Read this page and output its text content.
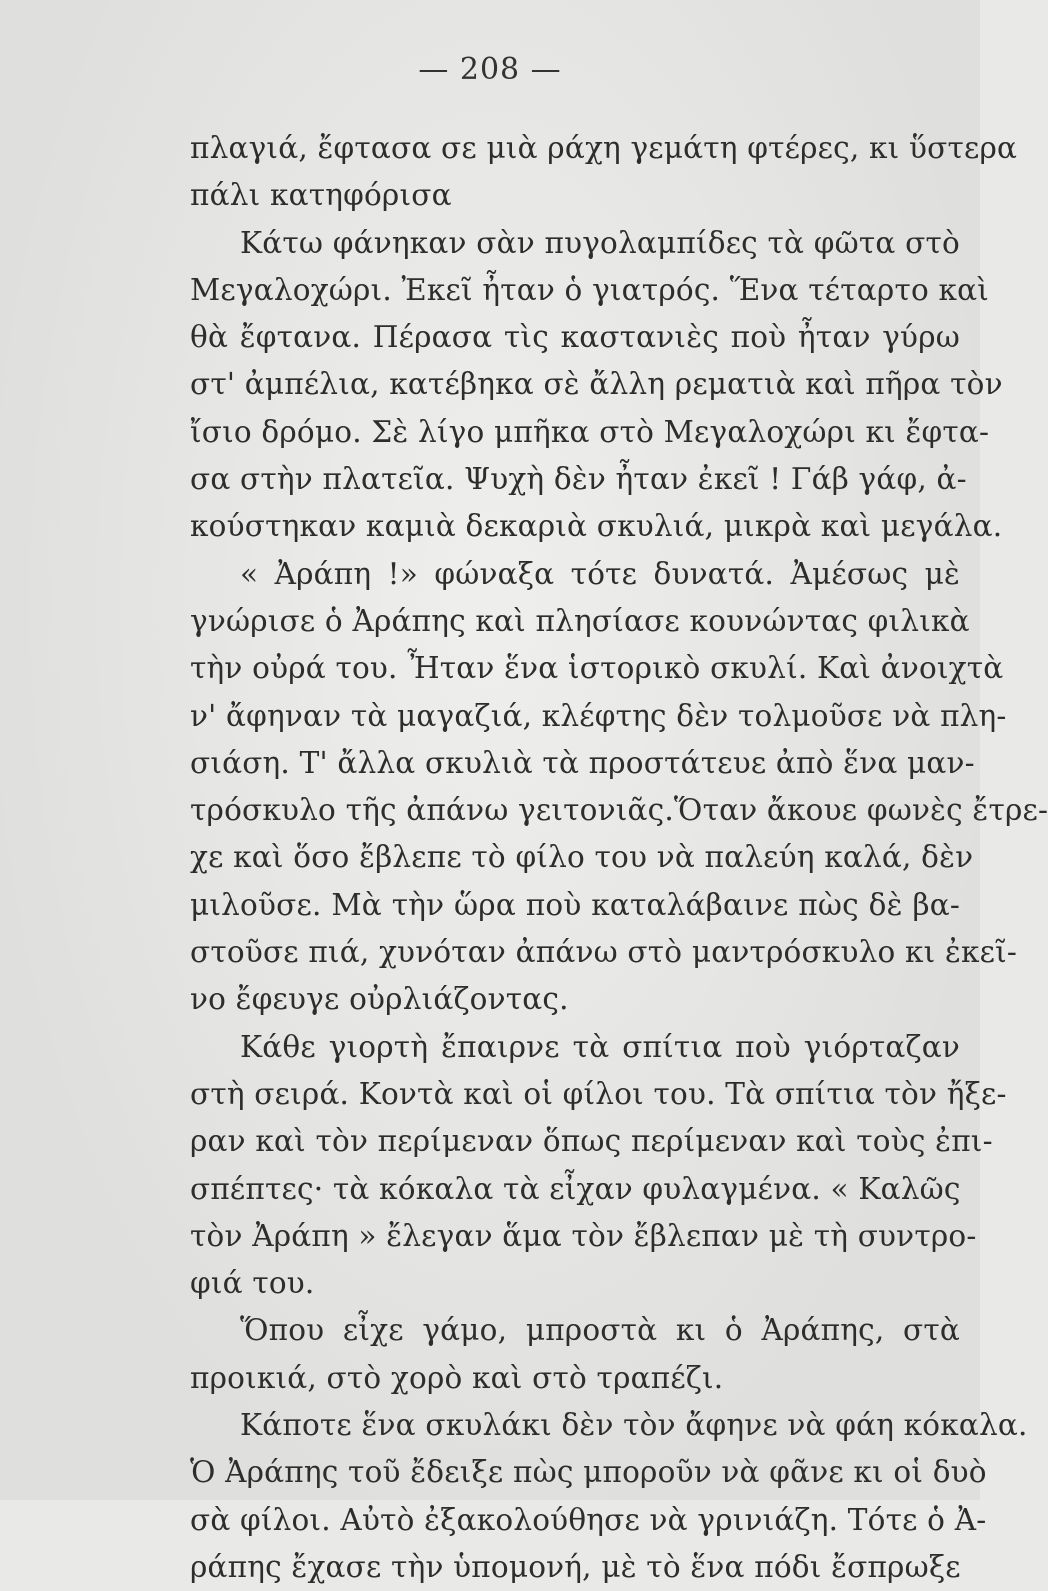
— 208 —
πλαγιά, ἔφτασα σε μιὰ ράχη γεμάτη φτέρες, κι ὕστερα
πάλι κατηφόρισα
Κάτω φάνηκαν σὰν πυγολαμπίδες τὰ φῶτα στὸ
Μεγαλοχώρι. Ἐκεῖ ἦταν ὁ γιατρός. Ἕνα τέταρτο καὶ
θὰ ἔφτανα. Πέρασα τὶς καστανιὲς ποὺ ἦταν γύρω
στ' ἀμπέλια, κατέβηκα σὲ ἄλλη ρεματιὰ καὶ πῆρα τὸν
ἴσιο δρόμο. Σὲ λίγο μπῆκα στὸ Μεγαλοχώρι κι ἔφτα-
σα στὴν πλατεῖα. Ψυχὴ δὲν ἦταν ἐκεῖ ! Γάβ γάφ, ἀ-
κούστηκαν καμιὰ δεκαριὰ σκυλιά, μικρὰ καὶ μεγάλα.
« Ἀράπη !» φώναξα τότε δυνατά. Ἀμέσως μὲ
γνώρισε ὁ Ἀράπης καὶ πλησίασε κουνώντας φιλικὰ
τὴν οὐρά του. Ἦταν ἕνα ἱστορικὸ σκυλί. Καὶ ἀνοιχτὰ
ν' ἄφηναν τὰ μαγαζιά, κλέφτης δὲν τολμοῦσε νὰ πλη-
σιάση. Τ' ἄλλα σκυλιὰ τὰ προστάτευε ἀπὸ ἕνα μαν-
τρόσκυλο τῆς ἀπάνω γειτονιᾶς.Ὅταν ἄκουε φωνὲς ἔτρε-
χε καὶ ὅσο ἔβλεπε τὸ φίλο του νὰ παλεύη καλά, δὲν
μιλοῦσε. Μὰ τὴν ὥρα ποὺ καταλάβαινε πὼς δὲ βα-
στοῦσε πιά, χυνόταν ἀπάνω στὸ μαντρόσκυλο κι ἐκεῖ-
νο ἔφευγε οὐρλιάζοντας.
Κάθε γιορτὴ ἔπαιρνε τὰ σπίτια ποὺ γιόρταζαν
στὴ σειρά. Κοντὰ καὶ οἱ φίλοι του. Τὰ σπίτια τὸν ἤξε-
ραν καὶ τὸν περίμεναν ὅπως περίμεναν καὶ τοὺς ἐπι-
σπέπτες· τὰ κόκαλα τὰ εἶχαν φυλαγμένα. « Καλῶς
τὸν Ἀράπη » ἔλεγαν ἅμα τὸν ἔβλεπαν μὲ τὴ συντρο-
φιά του.
Ὅπου εἶχε γάμο, μπροστὰ κι ὁ Ἀράπης, στὰ
προικιά, στὸ χορὸ καὶ στὸ τραπέζι.
Κάποτε ἕνα σκυλάκι δὲν τὸν ἄφηνε νὰ φάη κόκαλα.
Ὁ Ἀράπης τοῦ ἔδειξε πὼς μποροῦν νὰ φᾶνε κι οἱ δυὸ
σὰ φίλοι. Αὐτὸ ἐξακολούθησε νὰ γρινιάζη. Τότε ὁ Ἀ-
ράπης ἔχασε τὴν ὑπομονή, μὲ τὸ ἕνα πόδι ἔσπρωξε
